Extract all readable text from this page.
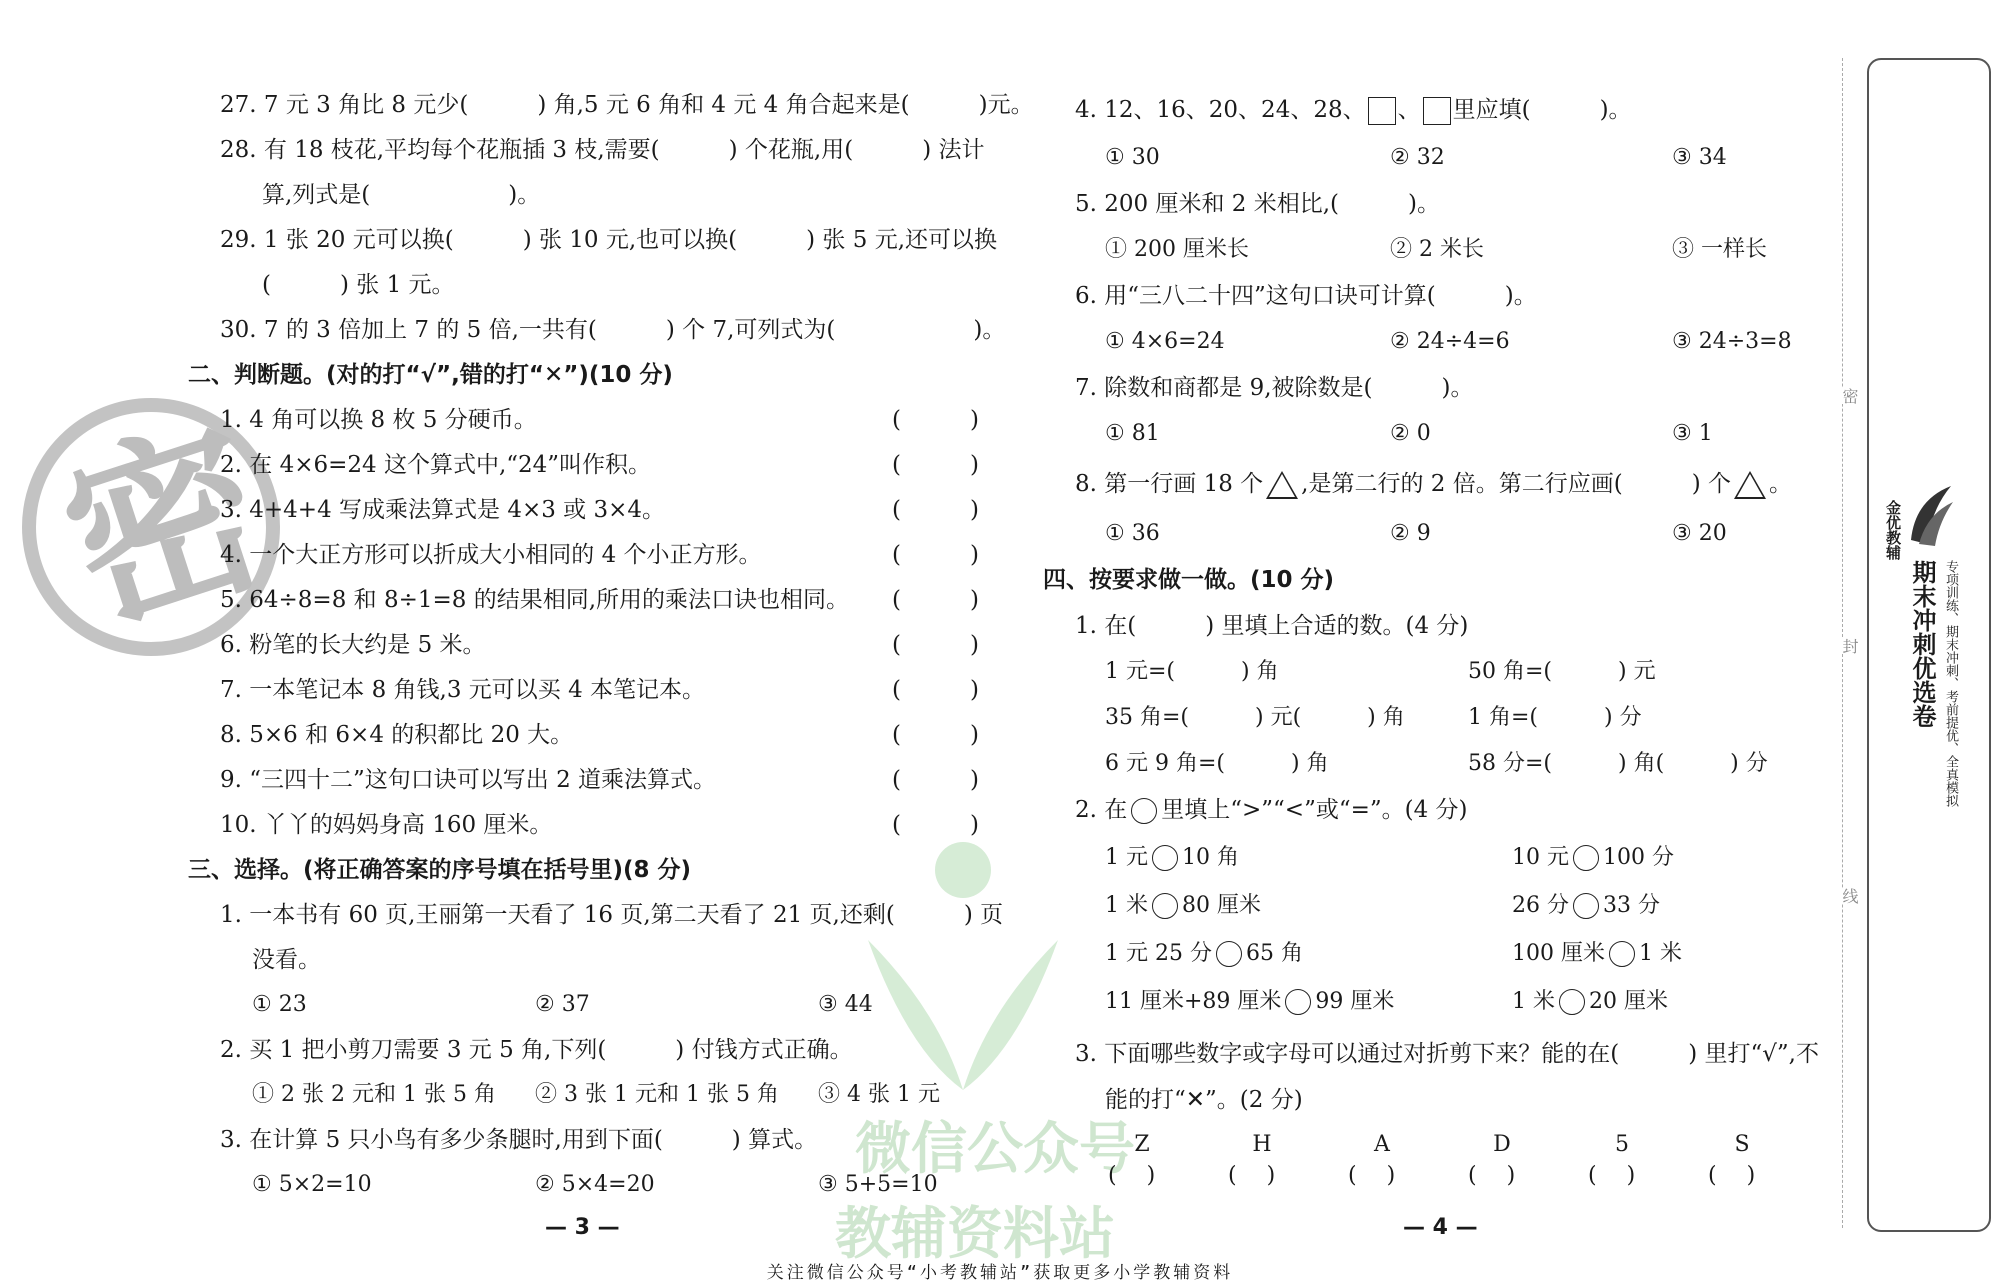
密
微信公众号
教辅资料站
27. 7 元 3 角比 8 元少(　　　) 角,5 元 6 角和 4 元 4 角合起来是(　　　)元。
28. 有 18 枝花,平均每个花瓶插 3 枝,需要(　　　) 个花瓶,用(　　　) 法计
算,列式是(　　　　　　)。
29. 1 张 20 元可以换(　　　) 张 10 元,也可以换(　　　) 张 5 元,还可以换
(　　　) 张 1 元。
30. 7 的 3 倍加上 7 的 5 倍,一共有(　　　) 个 7,可列式为(　　　　　　)。
二、判断题。(对的打“√”,错的打“✕”)(10 分)
1. 4 角可以换 8 枚 5 分硬币。	(　　　)
2. 在 4×6=24 这个算式中,“24”叫作积。	(　　　)
3. 4+4+4 写成乘法算式是 4×3 或 3×4。	(　　　)
4. 一个大正方形可以折成大小相同的 4 个小正方形。	(　　　)
5. 64÷8=8 和 8÷1=8 的结果相同,所用的乘法口诀也相同。 (　　　)
6. 粉笔的长大约是 5 米。	(　　　)
7. 一本笔记本 8 角钱,3 元可以买 4 本笔记本。	(　　　)
8. 5×6 和 6×4 的积都比 20 大。	(　　　)
9. “三四十二”这句口诀可以写出 2 道乘法算式。	(　　　)
10. 丫丫的妈妈身高 160 厘米。	(　　　)
三、选择。(将正确答案的序号填在括号里)(8 分)
1. 一本书有 60 页,王丽第一天看了 16 页,第二天看了 21 页,还剩(　　　) 页
没看。
① 23	② 37	③ 44
2. 买 1 把小剪刀需要 3 元 5 角,下列(　　　) 付钱方式正确。
① 2 张 2 元和 1 张 5 角 ② 3 张 1 元和 1 张 5 角 ③ 4 张 1 元
3. 在计算 5 只小鸟有多少条腿时,用到下面(　　　) 算式。
① 5×2=10	② 5×4=20	③ 5+5=10
— 3 —
4. 12、16、20、24、28、 、 里应填(　　　)。
① 30	② 32	③ 34
5. 200 厘米和 2 米相比,(　　　)。
① 200 厘米长	② 2 米长	③ 一样长
6. 用“三八二十四”这句口诀可计算(　　　)。
① 4×6=24	② 24÷4=6	③ 24÷3=8
7. 除数和商都是 9,被除数是(　　　)。
① 81	② 0	③ 1
8. 第一行画 18 个 ,是第二行的 2 倍。第二行应画(　　　) 个 。
① 36	② 9	③ 20
四、按要求做一做。(10 分)
1. 在(　　　) 里填上合适的数。(4 分)
1 元=(　　　) 角	50 角=(　　　) 元
35 角=(　　　) 元(　　　) 角	1 角=(　　　) 分
6 元 9 角=(　　　) 角	58 分=(　　　) 角(　　　) 分
2. 在 里填上“>”“<”或“=”。(4 分)
1 元 10 角	10 元 100 分
1 米 80 厘米	26 分 33 分
1 元 25 分 65 角	100 厘米 1 米
11 厘米+89 厘米 99 厘米	1 米 20 厘米
3. 下面哪些数字或字母可以通过对折剪下来？能的在(　　　) 里打“√”,不
能的打“✕”。(2 分)
Z	H	A	D	5	S
() () () () () ()
— 4 —
密
封
线
金优教辅
期末冲刺优选卷 专项训练、期末冲刺、考前提优、全真模拟
关注微信公众号“小考教辅站”获取更多小学教辅资料
